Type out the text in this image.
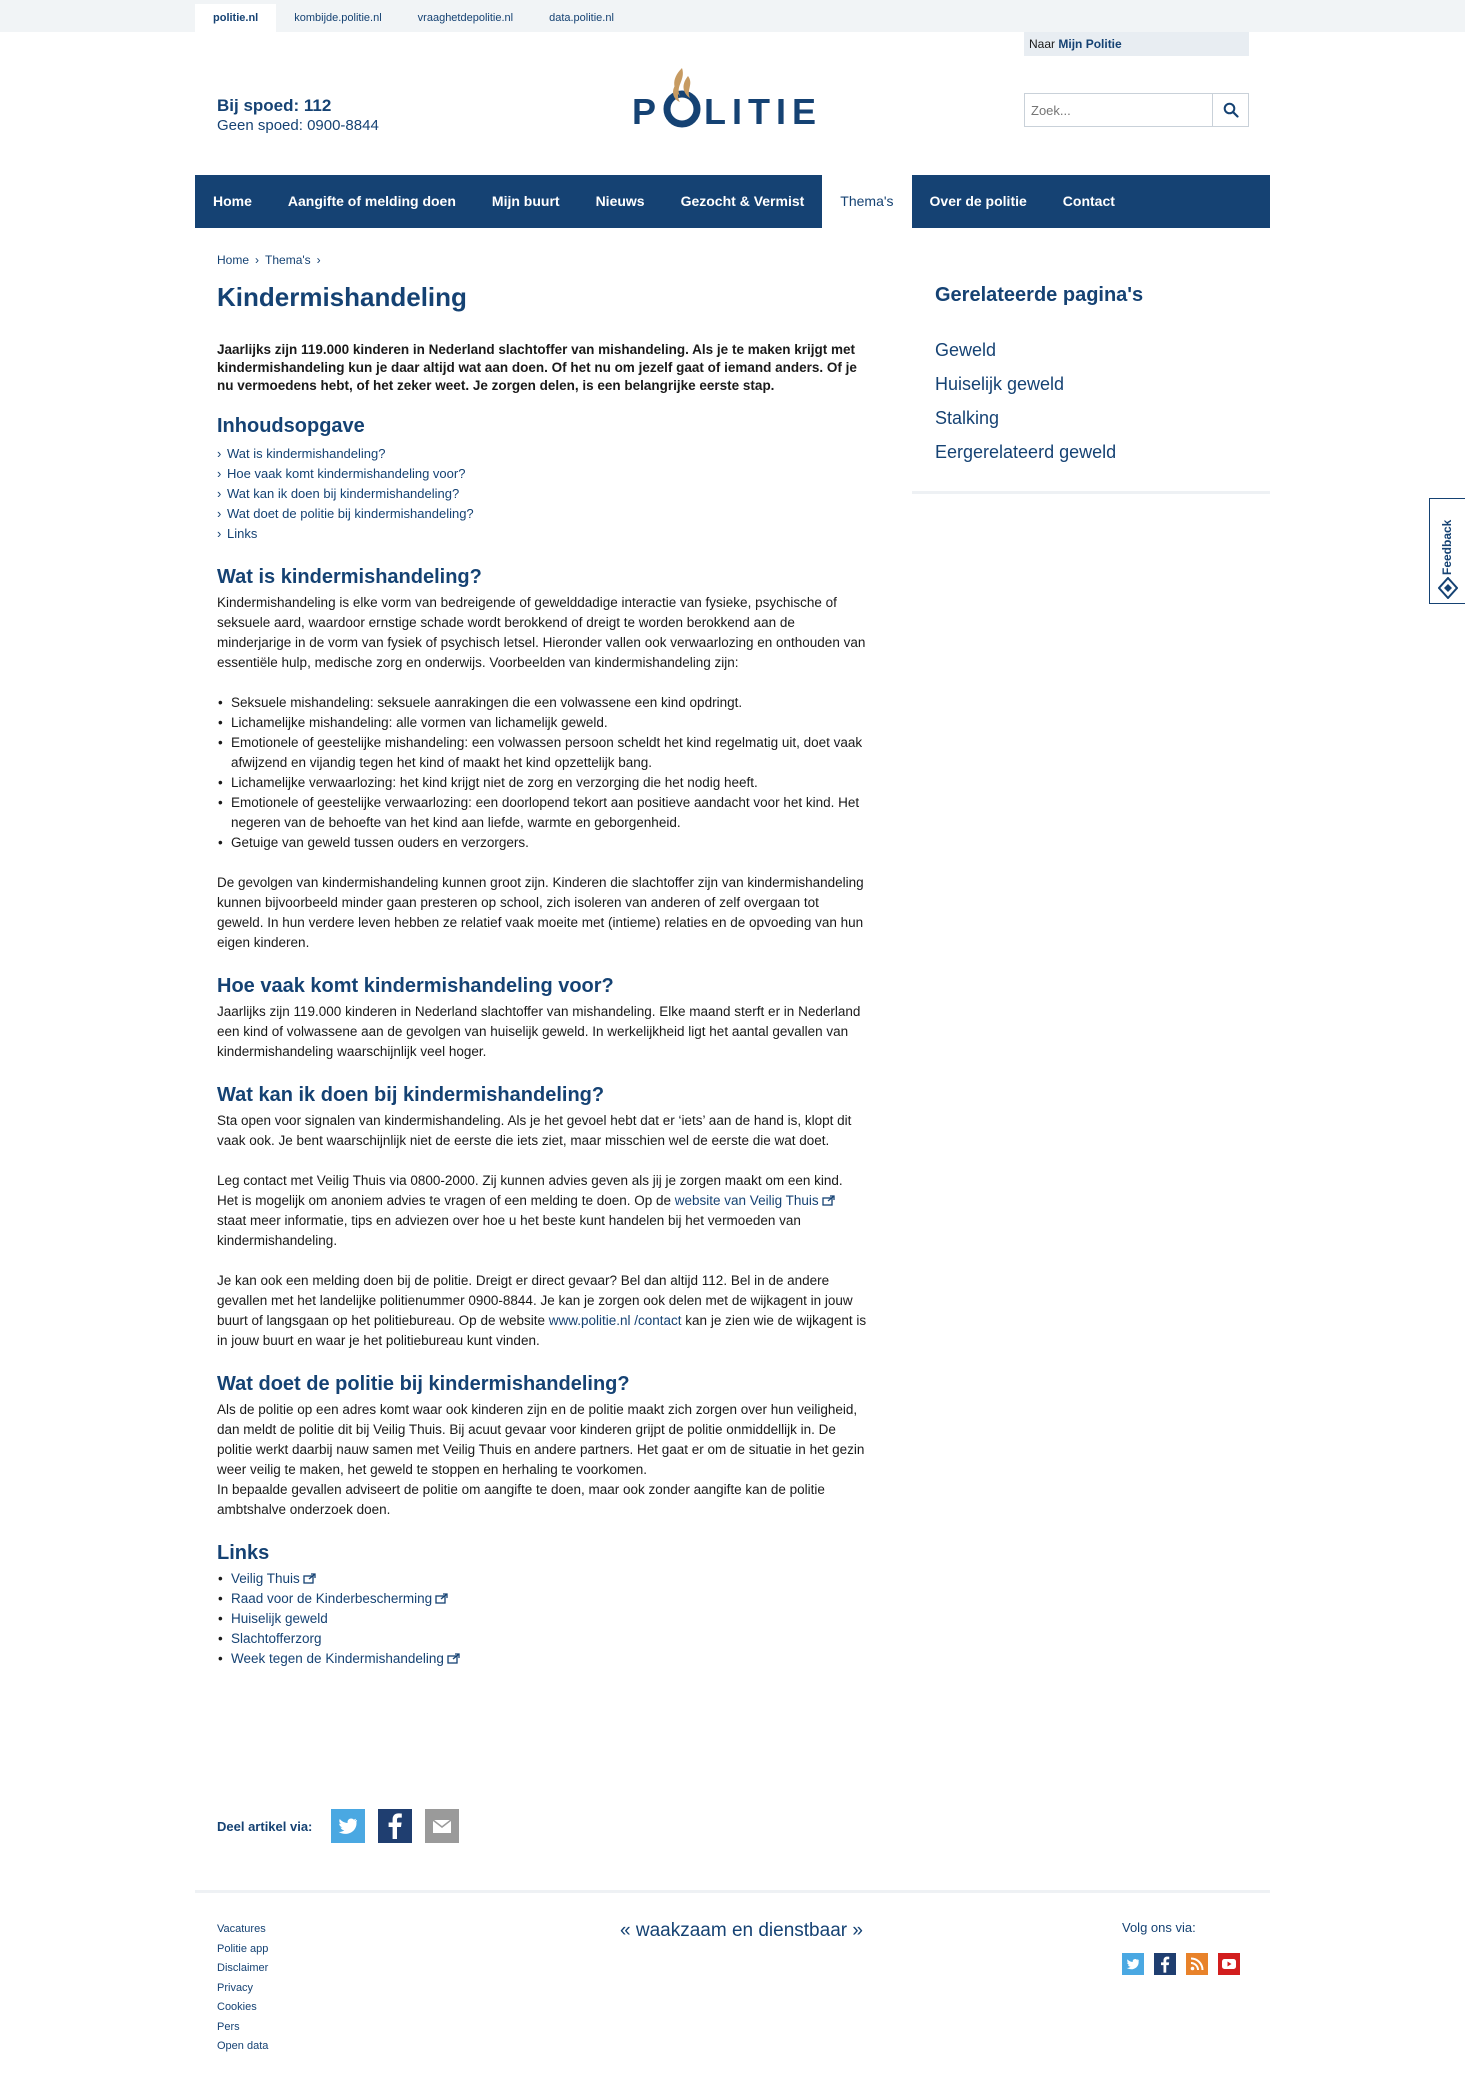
politie.nl	kombijde.politie.nl	vraaghetdepolitie.nl	data.politie.nl
Naar Mijn Politie
Bij spoed: 112
Geen spoed: 0900-8844	P LITIE
Zoek...
Home	Aangifte of melding doen	Mijn buurt	Nieuws	Gezocht & Vermist	Thema's	Over de politie	Contact
Home › Thema's ›
Kindermishandeling
Jaarlijks zijn 119.000 kinderen in Nederland slachtoffer van mishandeling. Als je te maken krijgt met kindermishandeling kun je daar altijd wat aan doen. Of het nu om jezelf gaat of iemand anders. Of je nu vermoedens hebt, of het zeker weet. Je zorgen delen, is een belangrijke eerste stap.
Inhoudsopgave
› Wat is kindermishandeling?
› Hoe vaak komt kindermishandeling voor?
› Wat kan ik doen bij kindermishandeling?
› Wat doet de politie bij kindermishandeling?
› Links
Wat is kindermishandeling?

Kindermishandeling is elke vorm van bedreigende of gewelddadige interactie van fysieke, psychische of seksuele aard, waardoor ernstige schade wordt berokkend of dreigt te worden berokkend aan de minderjarige in de vorm van fysiek of psychisch letsel. Hieronder vallen ook verwaarlozing en onthouden van essentiële hulp, medische zorg en onderwijs. Voorbeelden van kindermishandeling zijn:

• Seksuele mishandeling: seksuele aanrakingen die een volwassene een kind opdringt.
• Lichamelijke mishandeling: alle vormen van lichamelijk geweld.
• Emotionele of geestelijke mishandeling: een volwassen persoon scheldt het kind regelmatig uit, doet vaak afwijzend en vijandig tegen het kind of maakt het kind opzettelijk bang.
• Lichamelijke verwaarlozing: het kind krijgt niet de zorg en verzorging die het nodig heeft.
• Emotionele of geestelijke verwaarlozing: een doorlopend tekort aan positieve aandacht voor het kind. Het negeren van de behoefte van het kind aan liefde, warmte en geborgenheid.
• Getuige van geweld tussen ouders en verzorgers.

De gevolgen van kindermishandeling kunnen groot zijn. Kinderen die slachtoffer zijn van kindermishandeling kunnen bijvoorbeeld minder gaan presteren op school, zich isoleren van anderen of zelf overgaan tot geweld. In hun verdere leven hebben ze relatief vaak moeite met (intieme) relaties en de opvoeding van hun eigen kinderen.

Hoe vaak komt kindermishandeling voor?

Jaarlijks zijn 119.000 kinderen in Nederland slachtoffer van mishandeling. Elke maand sterft er in Nederland een kind of volwassene aan de gevolgen van huiselijk geweld. In werkelijkheid ligt het aantal gevallen van kindermishandeling waarschijnlijk veel hoger.

Wat kan ik doen bij kindermishandeling?

Sta open voor signalen van kindermishandeling. Als je het gevoel hebt dat er ‘iets’ aan de hand is, klopt dit vaak ook. Je bent waarschijnlijk niet de eerste die iets ziet, maar misschien wel de eerste die wat doet.

Leg contact met Veilig Thuis via 0800-2000. Zij kunnen advies geven als jij je zorgen maakt om een kind. Het is mogelijk om anoniem advies te vragen of een melding te doen. Op de website van Veilig Thuis staat meer informatie, tips en adviezen over hoe u het beste kunt handelen bij het vermoeden van kindermishandeling.

Je kan ook een melding doen bij de politie. Dreigt er direct gevaar? Bel dan altijd 112. Bel in de andere gevallen met het landelijke politienummer 0900-8844. Je kan je zorgen ook delen met de wijkagent in jouw buurt of langsgaan op het politiebureau. Op de website www.politie.nl /contact kan je zien wie de wijkagent is in jouw buurt en waar je het politiebureau kunt vinden.

Wat doet de politie bij kindermishandeling?

Als de politie op een adres komt waar ook kinderen zijn en de politie maakt zich zorgen over hun veiligheid, dan meldt de politie dit bij Veilig Thuis. Bij acuut gevaar voor kinderen grijpt de politie onmiddellijk in. De politie werkt daarbij nauw samen met Veilig Thuis en andere partners. Het gaat er om de situatie in het gezin weer veilig te maken, het geweld te stoppen en herhaling te voorkomen.
In bepaalde gevallen adviseert de politie om aangifte te doen, maar ook zonder aangifte kan de politie ambtshalve onderzoek doen.

Links
• Veilig Thuis
• Raad voor de Kinderbescherming
• Huiselijk geweld
• Slachtofferzorg
• Week tegen de Kindermishandeling
Deel artikel via:
Gerelateerde pagina's
Geweld
Huiselijk geweld
Stalking
Eergerelateerd geweld
Feedback
Vacatures
Politie app
Disclaimer
Privacy
Cookies
Pers
Open data
« waakzaam en dienstbaar »	Volg ons via:
